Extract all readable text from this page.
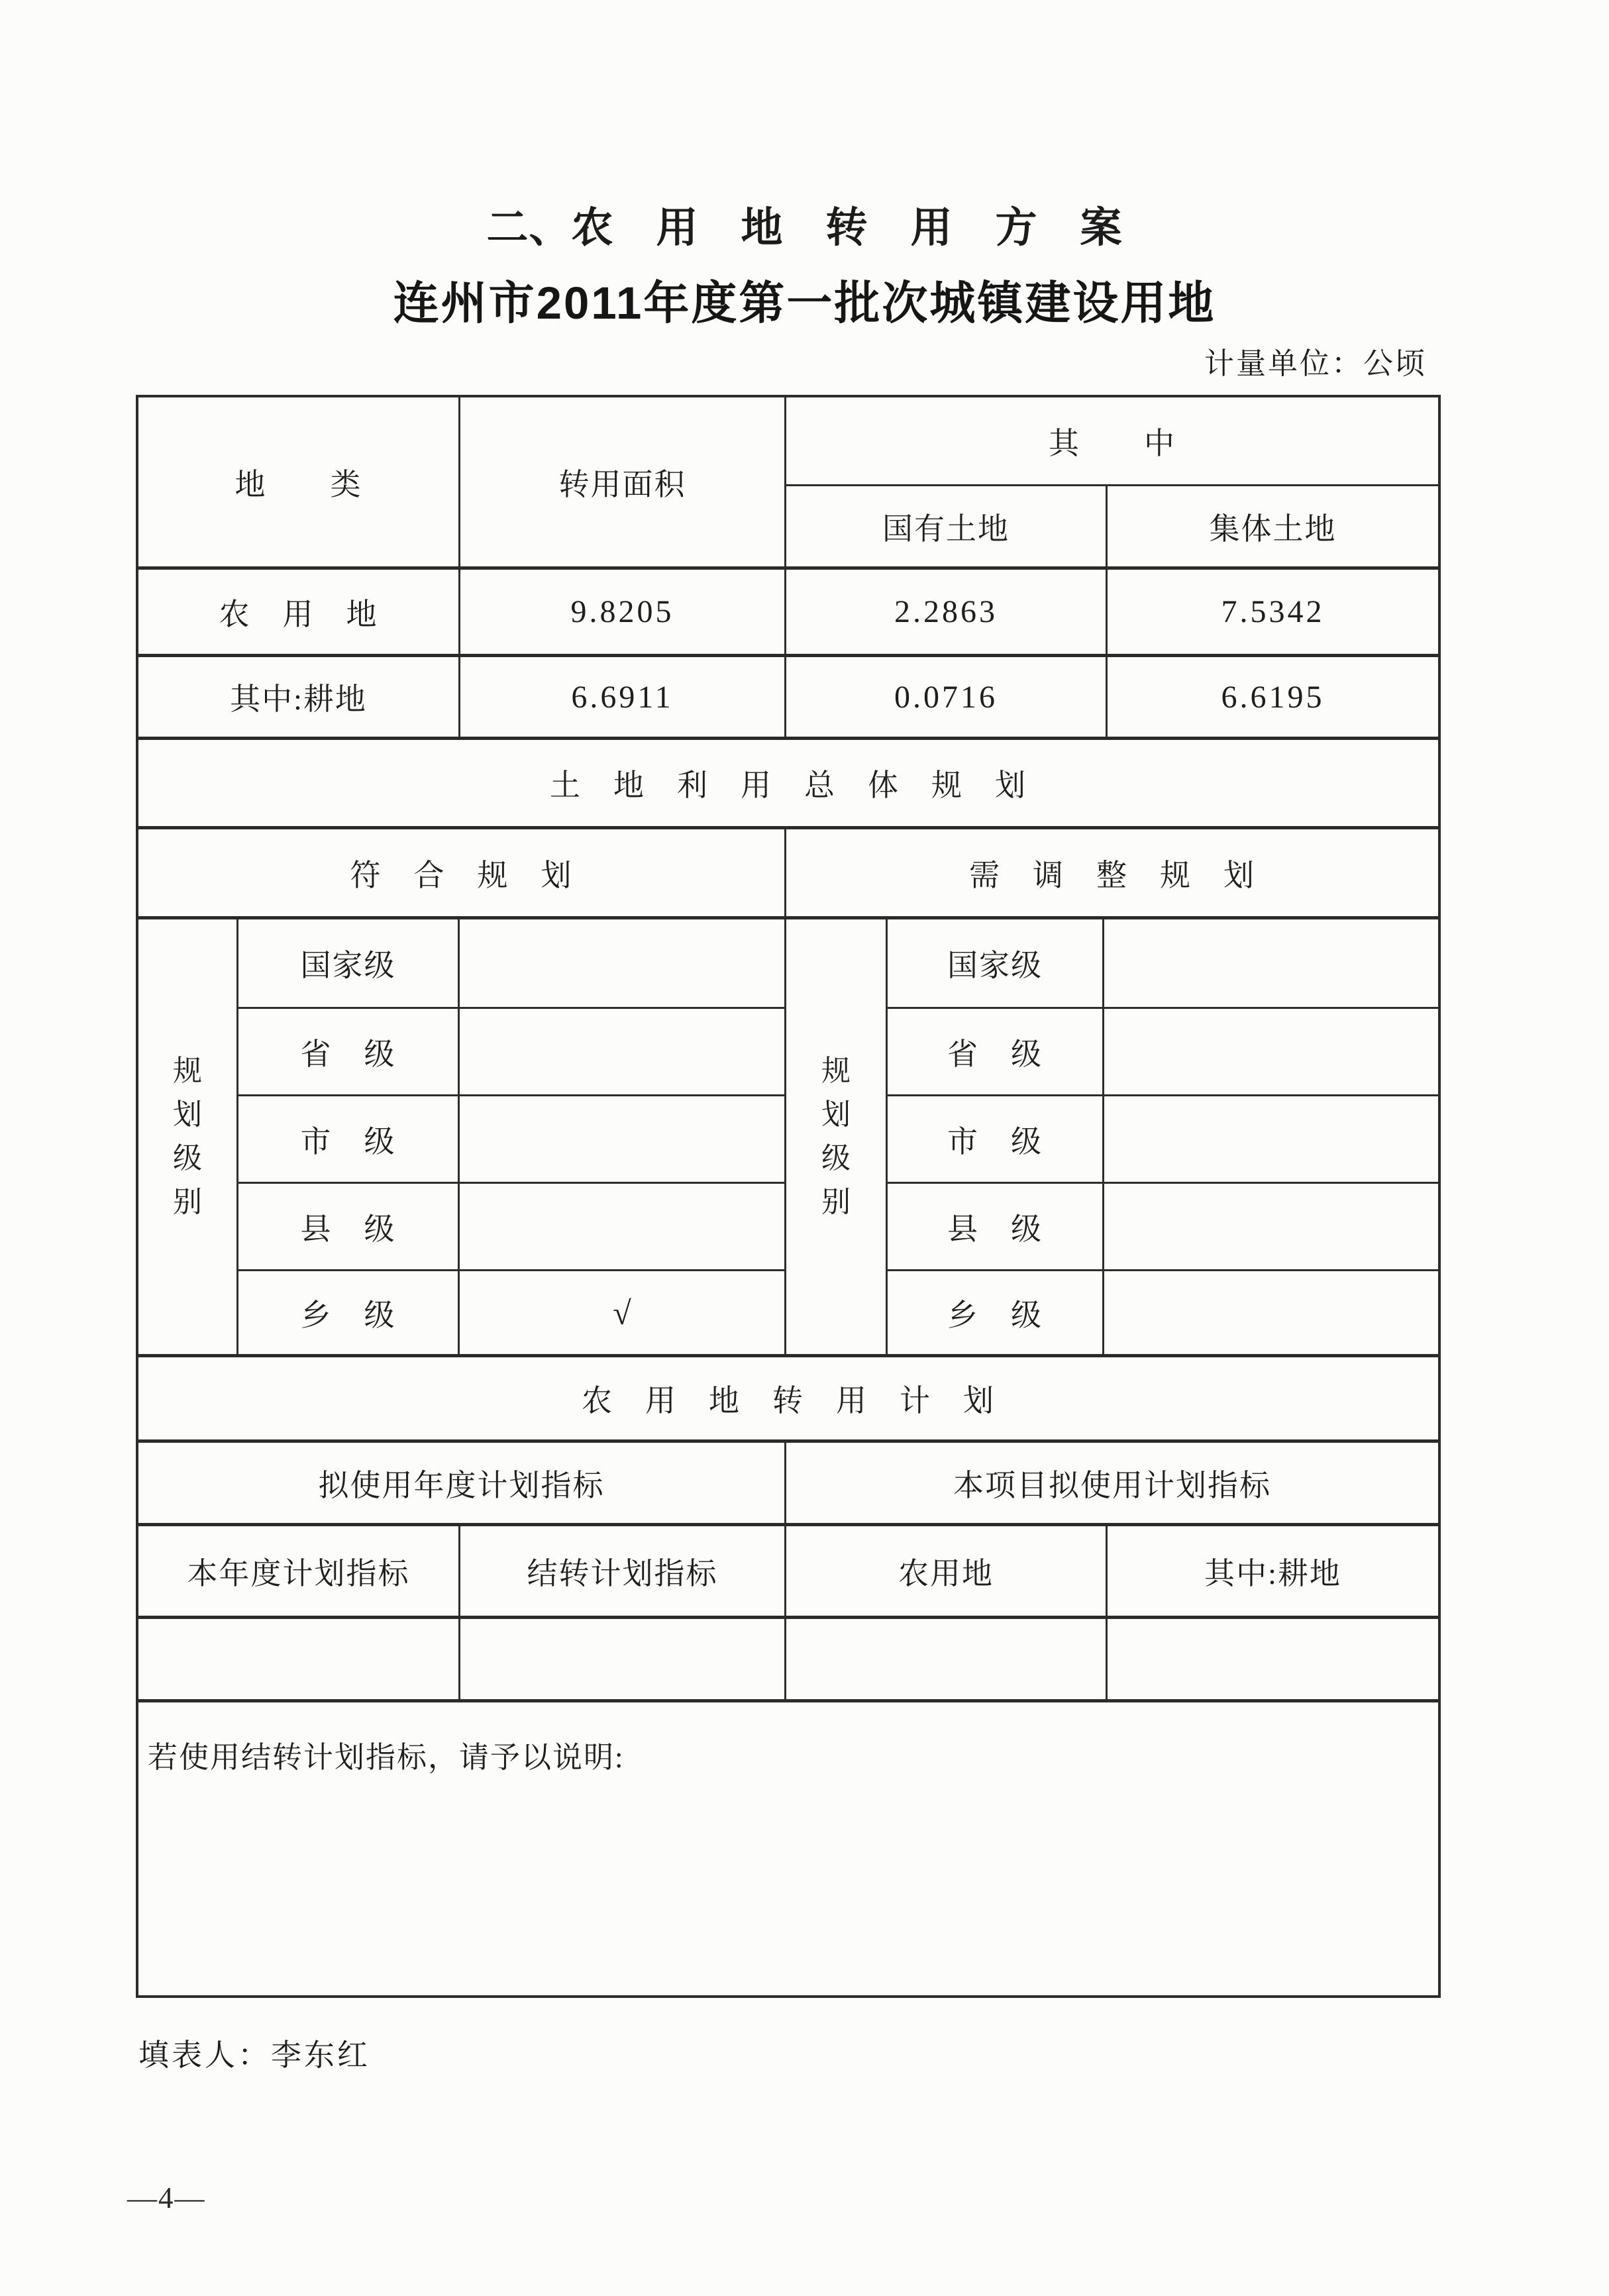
二、农　用　地　转　用　方　案
连州市2011年度第一批次城镇建设用地
计量单位：公顷
地　　类	转用面积
其　　中
国有土地	集体土地
农　用　地	9.8205	2.2863	7.5342
其中:耕地	6.6911	0.0716	6.6195
土　地　利　用　总　体　规　划
符　合　规　划	需　调　整　规　划
规划级别
国家级
省　级
市　级
县　级
乡　级	√
规划级别
国家级
省　级
市　级
县　级
乡　级
农　用　地　转　用　计　划
拟使用年度计划指标	本项目拟使用计划指标
本年度计划指标	结转计划指标	农用地	其中:耕地
若使用结转计划指标，请予以说明:
填表人：李东红
—4—
